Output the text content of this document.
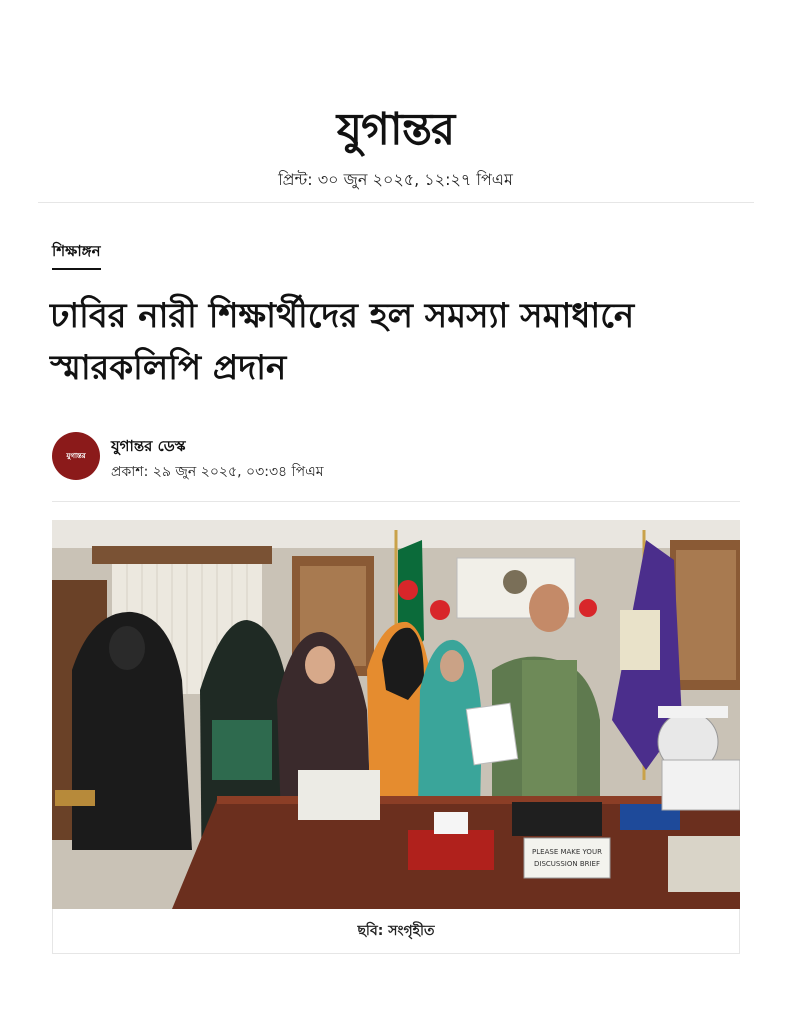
যুগান্তর
প্রিন্ট: ৩০ জুন ২০২৫, ১২:২৭ পিএম
শিক্ষাঙ্গন
ঢাবির নারী শিক্ষার্থীদের হল সমস্যা সমাধানে স্মারকলিপি প্রদান
যুগান্তর
যুগান্তর ডেস্ক
প্রকাশ: ২৯ জুন ২০২৫, ০৩:৩৪ পিএম
PLEASE MAKE YOUR
DISCUSSION BRIEF
ছবি: সংগৃহীত
